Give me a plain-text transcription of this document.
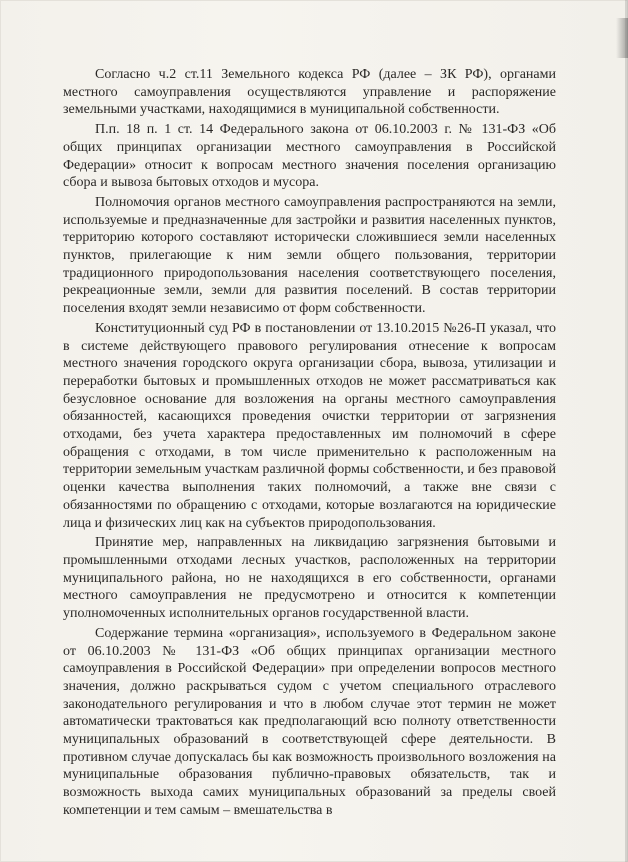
Согласно ч.2 ст.11 Земельного кодекса РФ (далее – ЗК РФ), органами местного самоуправления осуществляются управление и распоряжение земельными участками, находящимися в муниципальной собственности.

П.п. 18 п. 1 ст. 14 Федерального закона от 06.10.2003 г. № 131-ФЗ «Об общих принципах организации местного самоуправления в Российской Федерации» относит к вопросам местного значения поселения организацию сбора и вывоза бытовых отходов и мусора.

Полномочия органов местного самоуправления распространяются на земли, используемые и предназначенные для застройки и развития населенных пунктов, территорию которого составляют исторически сложившиеся земли населенных пунктов, прилегающие к ним земли общего пользования, территории традиционного природопользования населения соответствующего поселения, рекреационные земли, земли для развития поселений. В состав территории поселения входят земли независимо от форм собственности.

Конституционный суд РФ в постановлении от 13.10.2015 №26-П указал, что в системе действующего правового регулирования отнесение к вопросам местного значения городского округа организации сбора, вывоза, утилизации и переработки бытовых и промышленных отходов не может рассматриваться как безусловное основание для возложения на органы местного самоуправления обязанностей, касающихся проведения очистки территории от загрязнения отходами, без учета характера предоставленных им полномочий в сфере обращения с отходами, в том числе применительно к расположенным на территории земельным участкам различной формы собственности, и без правовой оценки качества выполнения таких полномочий, а также вне связи с обязанностями по обращению с отходами, которые возлагаются на юридические лица и физических лиц как на субъектов природопользования.

Принятие мер, направленных на ликвидацию загрязнения бытовыми и промышленными отходами лесных участков, расположенных на территории муниципального района, но не находящихся в его собственности, органами местного самоуправления не предусмотрено и относится к компетенции уполномоченных исполнительных органов государственной власти.

Содержание термина «организация», используемого в Федеральном законе от 06.10.2003 № 131-ФЗ «Об общих принципах организации местного самоуправления в Российской Федерации» при определении вопросов местного значения, должно раскрываться судом с учетом специального отраслевого законодательного регулирования и что в любом случае этот термин не может автоматически трактоваться как предполагающий всю полноту ответственности муниципальных образований в соответствующей сфере деятельности. В противном случае допускалась бы как возможность произвольного возложения на муниципальные образования публично-правовых обязательств, так и возможность выхода самих муниципальных образований за пределы своей компетенции и тем самым – вмешательства в
